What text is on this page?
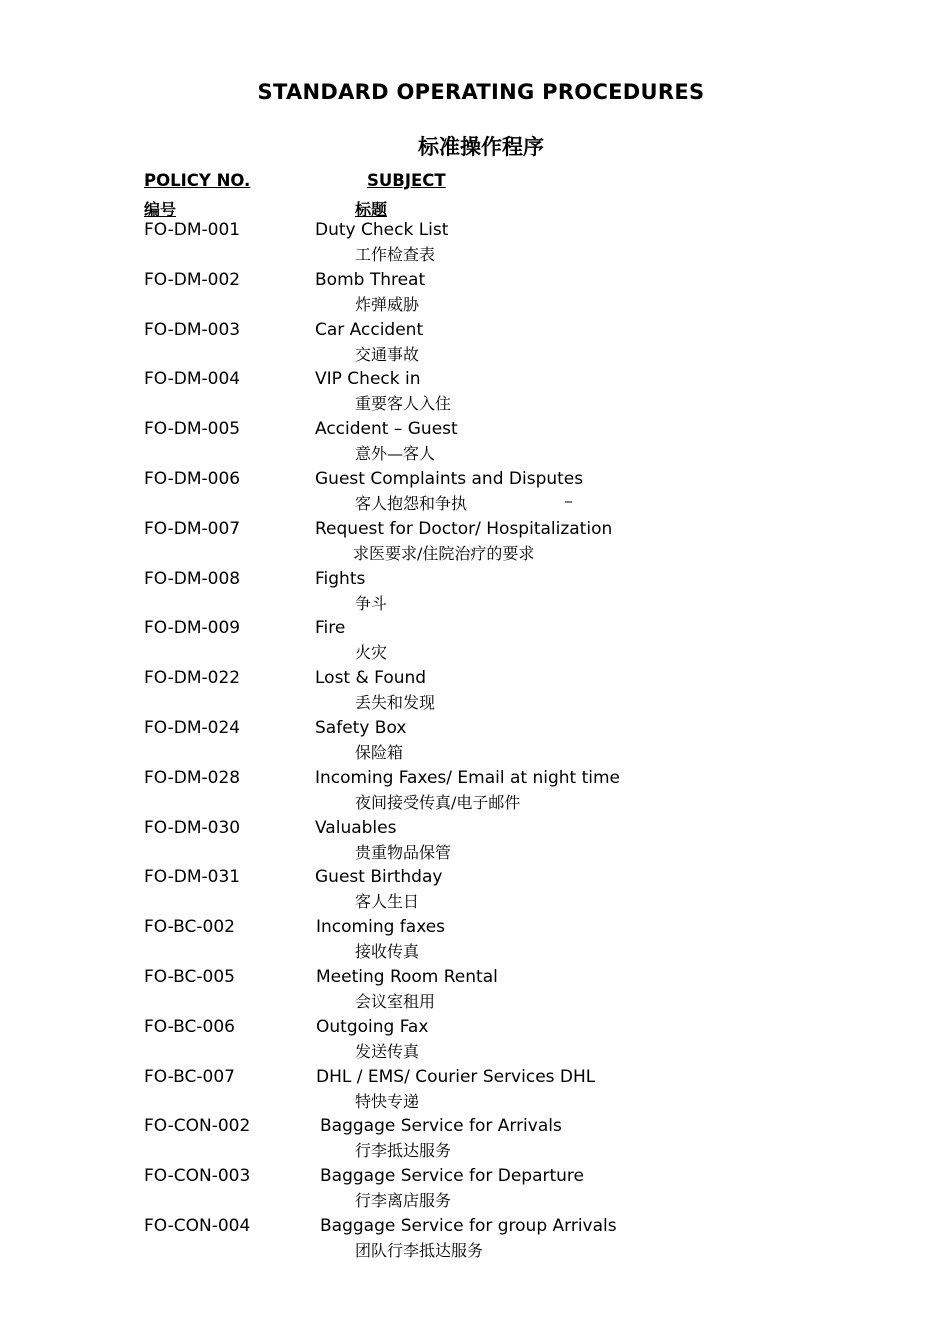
STANDARD OPERATING PROCEDURES
标准操作程序
POLICY NO.	SUBJECT
编号	标题
FO-DM-001	Duty Check List
工作检查表
FO-DM-002	Bomb Threat
炸弹威胁
FO-DM-003	Car Accident
交通事故
FO-DM-004	VIP Check in
重要客人入住
FO-DM-005	Accident – Guest
意外—客人
FO-DM-006	Guest Complaints and Disputes
客人抱怨和争执	_
FO-DM-007	Request for Doctor/ Hospitalization
求医要求/住院治疗的要求
FO-DM-008	Fights
争斗
FO-DM-009	Fire
火灾
FO-DM-022	Lost & Found
丢失和发现
FO-DM-024	Safety Box
保险箱
FO-DM-028	Incoming Faxes/ Email at night time
夜间接受传真/电子邮件
FO-DM-030	Valuables
贵重物品保管
FO-DM-031	Guest Birthday
客人生日
FO-BC-002	Incoming faxes
接收传真
FO-BC-005	Meeting Room Rental
会议室租用
FO-BC-006	Outgoing Fax
发送传真
FO-BC-007	DHL / EMS/ Courier Services DHL
特快专递
FO-CON-002	Baggage Service for Arrivals
行李抵达服务
FO-CON-003	Baggage Service for Departure
行李离店服务
FO-CON-004	Baggage Service for group Arrivals
团队行李抵达服务
